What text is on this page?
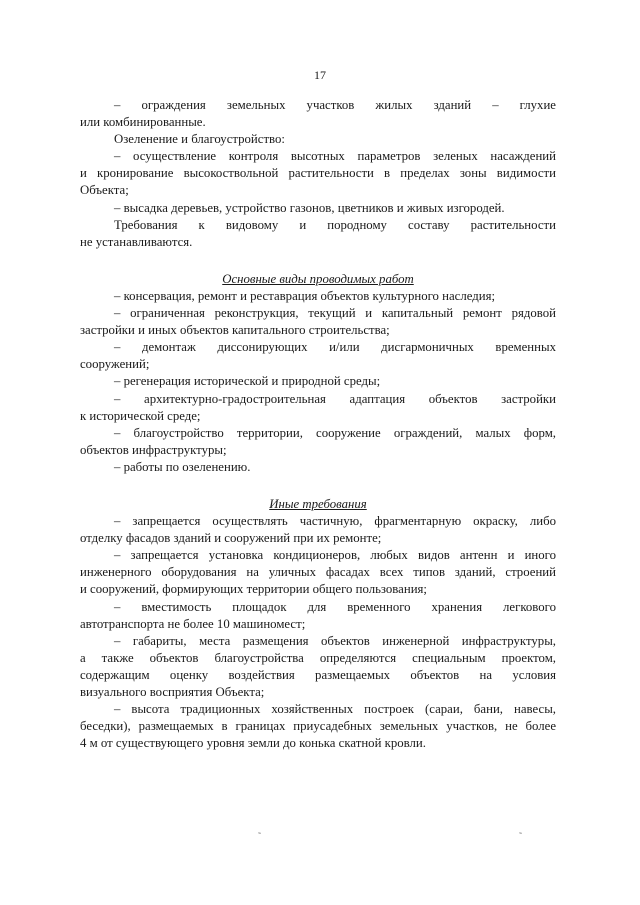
17

– ограждения земельных участков жилых зданий – глухие

или комбинированные.

Озеленение и благоустройство:

– осуществление контроля высотных параметров зеленых насаждений

и кронирование высокоствольной растительности в пределах зоны видимости

Объекта;

– высадка деревьев, устройство газонов, цветников и живых изгородей.

Требования к видовому и породному составу растительности

не устанавливаются.

Основные виды проводимых работ

– консервация, ремонт и реставрация объектов культурного наследия;

– ограниченная реконструкция, текущий и капитальный ремонт рядовой

застройки и иных объектов капитального строительства;

– демонтаж диссонирующих и/или дисгармоничных временных

сооружений;

– регенерация исторической и природной среды;

– архитектурно-градостроительная адаптация объектов застройки

к исторической среде;

– благоустройство территории, сооружение ограждений, малых форм,

объектов инфраструктуры;

– работы по озеленению.

Иные требования

– запрещается осуществлять частичную, фрагментарную окраску, либо

отделку фасадов зданий и сооружений при их ремонте;

– запрещается установка кондиционеров, любых видов антенн и иного

инженерного оборудования на уличных фасадах всех типов зданий, строений

и сооружений, формирующих территории общего пользования;

– вместимость площадок для временного хранения легкового

автотранспорта не более 10 машиномест;

– габариты, места размещения объектов инженерной инфраструктуры,

а также объектов благоустройства определяются специальным проектом,

содержащим оценку воздействия размещаемых объектов на условия

визуального восприятия Объекта;

– высота традиционных хозяйственных построек (сараи, бани, навесы,

беседки), размещаемых в границах приусадебных земельных участков, не более

4 м от существующего уровня земли до конька скатной кровли.

˜	˜
